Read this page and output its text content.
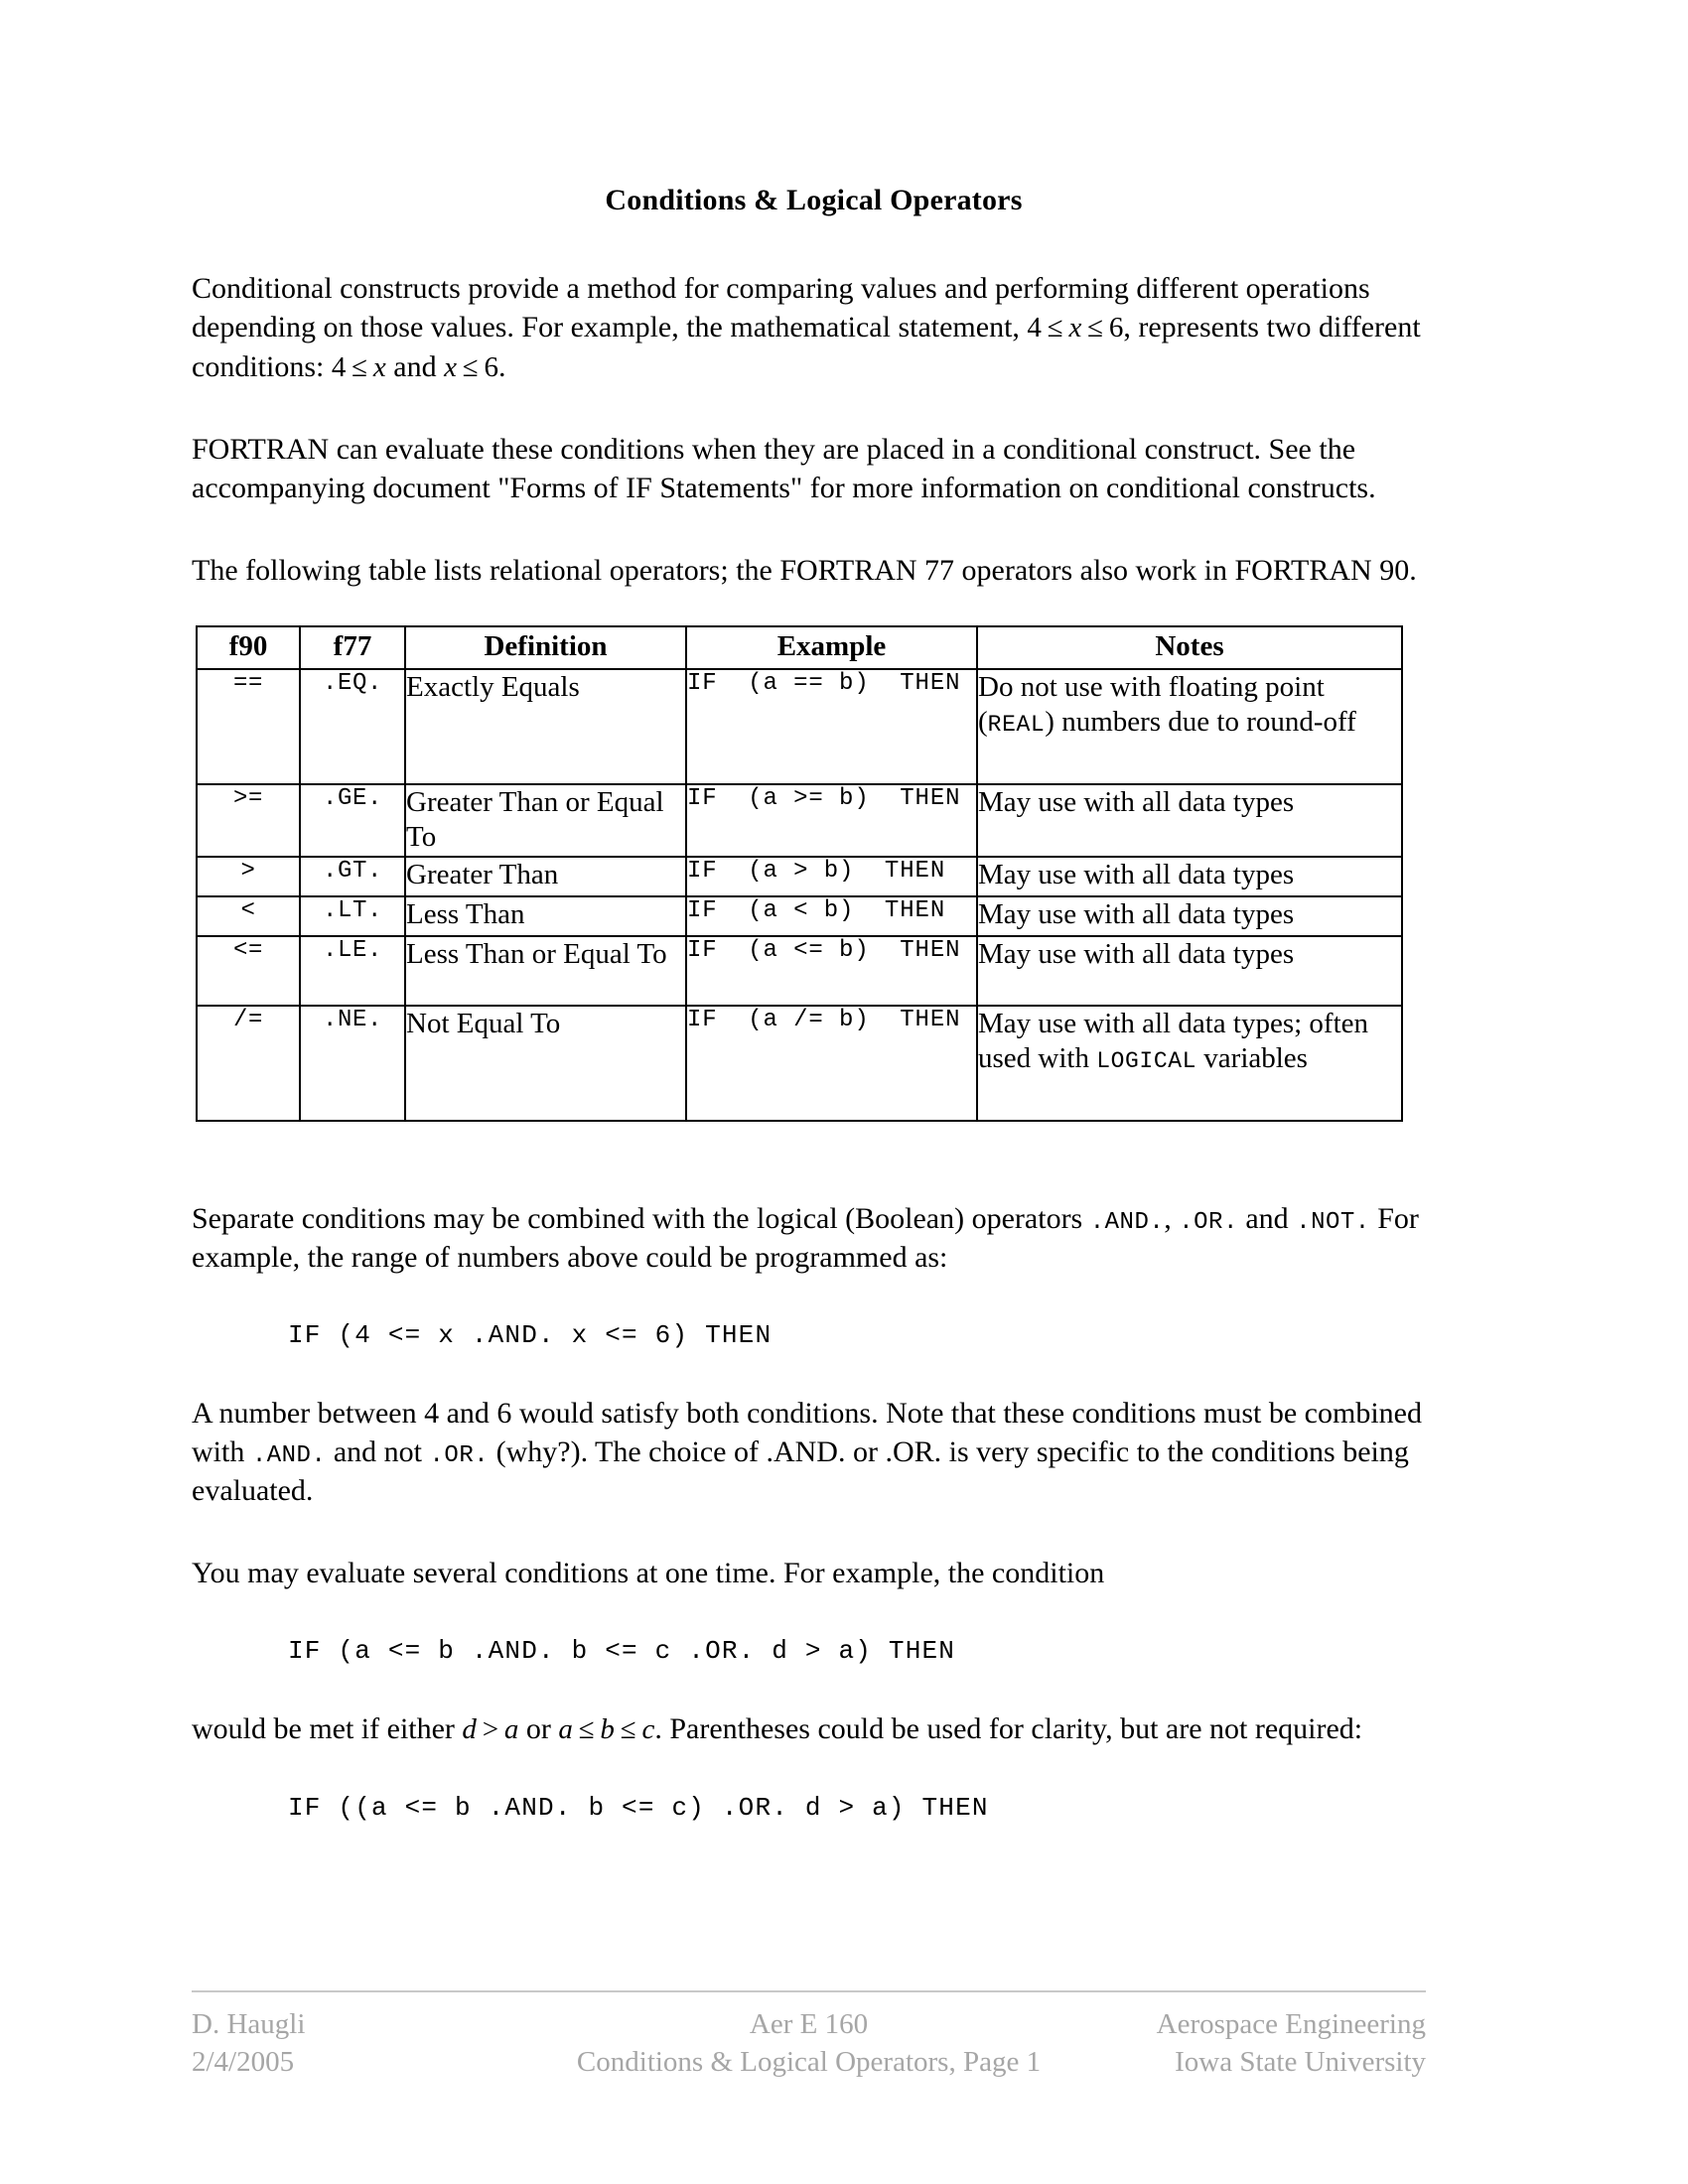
Conditions & Logical Operators

Conditional constructs provide a method for comparing values and performing different operations depending on those values. For example, the mathematical statement, 4 ≤ x ≤ 6, represents two different conditions: 4 ≤ x and x ≤ 6.

FORTRAN can evaluate these conditions when they are placed in a conditional construct. See the accompanying document "Forms of IF Statements" for more information on conditional constructs.

The following table lists relational operators; the FORTRAN 77 operators also work in FORTRAN 90.

f90	f77	Definition	Example	Notes
==	.EQ.	Exactly Equals	IF  (a == b)  THEN	Do not use with floating point (REAL) numbers due to round-off
>=	.GE.	Greater Than or Equal To	IF  (a >= b)  THEN	May use with all data types
>	.GT.	Greater Than	IF  (a > b)  THEN	May use with all data types
<	.LT.	Less Than	IF  (a < b)  THEN	May use with all data types
<=	.LE.	Less Than or Equal To	IF  (a <= b)  THEN	May use with all data types
/=	.NE.	Not Equal To	IF  (a /= b)  THEN	May use with all data types; often used with LOGICAL variables

Separate conditions may be combined with the logical (Boolean) operators .AND., .OR. and .NOT. For example, the range of numbers above could be programmed as:

IF (4 <= x .AND. x <= 6) THEN

A number between 4 and 6 would satisfy both conditions. Note that these conditions must be combined with .AND. and not .OR. (why?). The choice of .AND. or .OR. is very specific to the conditions being evaluated.

You may evaluate several conditions at one time. For example, the condition

IF (a <= b .AND. b <= c .OR. d > a) THEN

would be met if either d > a or a ≤ b ≤ c. Parentheses could be used for clarity, but are not required:

IF ((a <= b .AND. b <= c) .OR. d > a) THEN

D. Haugli
2/4/2005
Aer E 160
Conditions & Logical Operators, Page 1
Aerospace Engineering
Iowa State University
